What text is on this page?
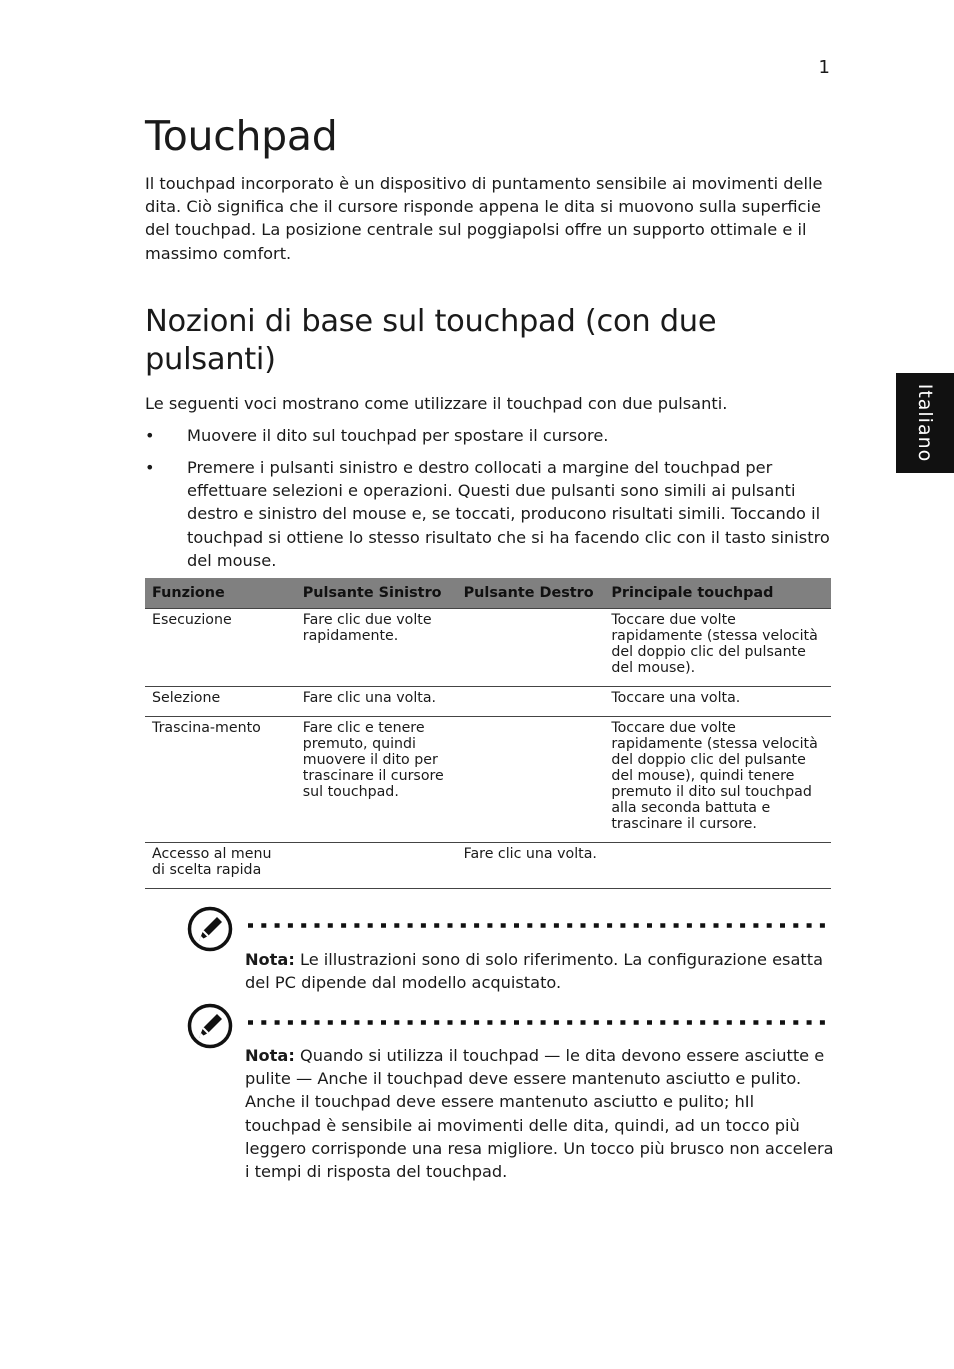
1
Italiano
Touchpad

Il touchpad incorporato è un dispositivo di puntamento sensibile ai movimenti delle dita. Ciò significa che il cursore risponde appena le dita si muovono sulla superficie del touchpad. La posizione centrale sul poggiapolsi offre un supporto ottimale e il massimo comfort.

Nozioni di base sul touchpad (con due pulsanti)

Le seguenti voci mostrano come utilizzare il touchpad con due pulsanti.

• Muovere il dito sul touchpad per spostare il cursore.
• Premere i pulsanti sinistro e destro collocati a margine del touchpad per effettuare selezioni e operazioni. Questi due pulsanti sono simili ai pulsanti destro e sinistro del mouse e, se toccati, producono risultati simili. Toccando il touchpad si ottiene lo stesso risultato che si ha facendo clic con il tasto sinistro del mouse.
Funzione	Pulsante Sinistro	Pulsante Destro	Principale touchpad
Esecuzione	Fare clic due volte rapidamente.		Toccare due volte rapidamente (stessa velocità del doppio clic del pulsante del mouse).
Selezione	Fare clic una volta.		Toccare una volta.
Trascina-mento	Fare clic e tenere premuto, quindi muovere il dito per trascinare il cursore sul touchpad.		Toccare due volte rapidamente (stessa velocità del doppio clic del pulsante del mouse), quindi tenere premuto il dito sul touchpad alla seconda battuta e trascinare il cursore.
Accesso al menu di scelta rapida		Fare clic una volta.	

Nota: Le illustrazioni sono di solo riferimento. La configurazione esatta del PC dipende dal modello acquistato.

Nota: Quando si utilizza il touchpad — le dita devono essere asciutte e pulite — Anche il touchpad deve essere mantenuto asciutto e pulito. Anche il touchpad deve essere mantenuto asciutto e pulito; hIl touchpad è sensibile ai movimenti delle dita, quindi, ad un tocco più leggero corrisponde una resa migliore. Un tocco più brusco non accelera i tempi di risposta del touchpad.
